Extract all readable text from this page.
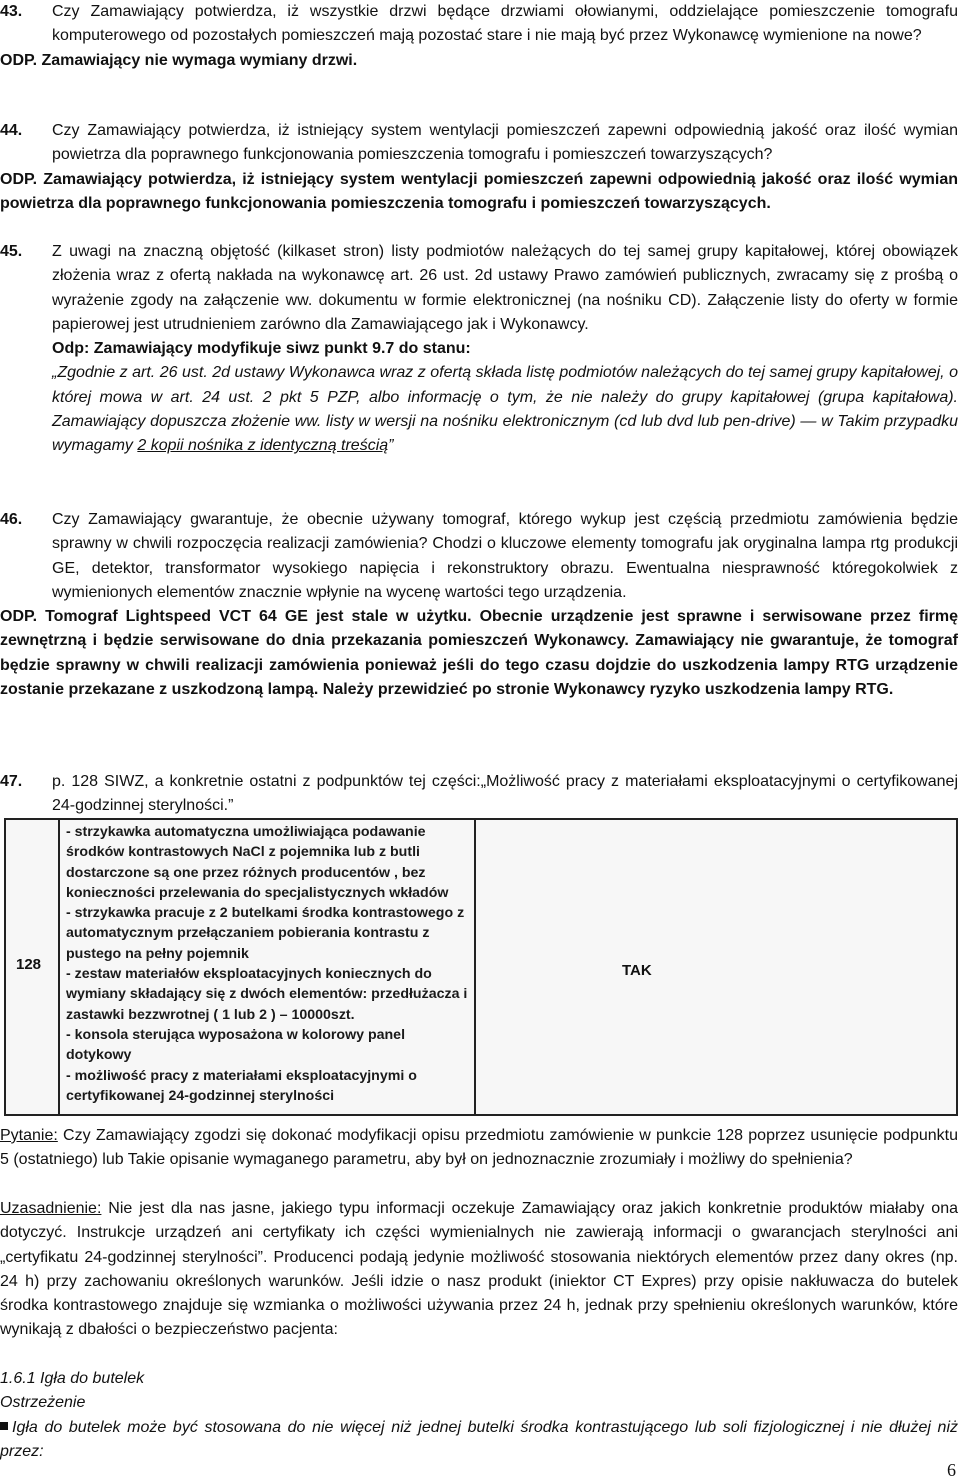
43. Czy Zamawiający potwierdza, iż wszystkie drzwi będące drzwiami ołowianymi, oddzielające pomieszczenie tomografu komputerowego od pozostałych pomieszczeń mają pozostać stare i nie mają być przez Wykonawcę wymienione na nowe?
ODP. Zamawiający nie wymaga wymiany drzwi.
44. Czy Zamawiający potwierdza, iż istniejący system wentylacji pomieszczeń zapewni odpowiednią jakość oraz ilość wymian powietrza dla poprawnego funkcjonowania pomieszczenia tomografu i pomieszczeń towarzyszących?
ODP. Zamawiający potwierdza, iż istniejący system wentylacji pomieszczeń zapewni odpowiednią jakość oraz ilość wymian powietrza dla poprawnego funkcjonowania pomieszczenia tomografu i pomieszczeń towarzyszących.
45. Z uwagi na znaczną objętość (kilkaset stron) listy podmiotów należących do tej samej grupy kapitałowej, której obowiązek złożenia wraz z ofertą nakłada na wykonawcę art. 26 ust. 2d ustawy Prawo zamówień publicznych, zwracamy się z prośbą o wyrażenie zgody na załączenie ww. dokumentu w formie elektronicznej (na nośniku CD). Załączenie listy do oferty w formie papierowej jest utrudnieniem zarówno dla Zamawiającego jak i Wykonawcy.
Odp: Zamawiający modyfikuje siwz punkt 9.7 do stanu:
„Zgodnie z art. 26 ust. 2d ustawy Wykonawca wraz z ofertą składa listę podmiotów należących do tej samej grupy kapitałowej, o której mowa w art. 24 ust. 2 pkt 5 PZP, albo informację o tym, że nie należy do grupy kapitałowej (grupa kapitałowa). Zamawiający dopuszcza złożenie ww. listy w wersji na nośniku elektronicznym (cd lub dvd lub pen-drive) — w Takim przypadku wymagamy 2 kopii nośnika z identyczną treścią”
46. Czy Zamawiający gwarantuje, że obecnie używany tomograf, którego wykup jest częścią przedmiotu zamówienia będzie sprawny w chwili rozpoczęcia realizacji zamówienia? Chodzi o kluczowe elementy tomografu jak oryginalna lampa rtg produkcji GE, detektor, transformator wysokiego napięcia i rekonstruktory obrazu. Ewentualna niesprawność któregokolwiek z wymienionych elementów znacznie wpłynie na wycenę wartości tego urządzenia.
ODP. Tomograf Lightspeed VCT 64 GE jest stale w użytku. Obecnie urządzenie jest sprawne i serwisowane przez firmę zewnętrzną i będzie serwisowane do dnia przekazania pomieszczeń Wykonawcy. Zamawiający nie gwarantuje, że tomograf będzie sprawny w chwili realizacji zamówienia ponieważ jeśli do tego czasu dojdzie do uszkodzenia lampy RTG urządzenie zostanie przekazane z uszkodzoną lampą. Należy przewidzieć po stronie Wykonawcy ryzyko uszkodzenia lampy RTG.
47. p. 128 SIWZ, a konkretnie ostatni z podpunktów tej części:„Możliwość pracy z materiałami eksploatacyjnymi o certyfikowanej 24-godzinnej sterylności.”
128

- strzykawka automatyczna umożliwiająca podawanie środków kontrastowych NaCl z pojemnika lub z butli dostarczone są one przez różnych producentów , bez konieczności przelewania do specjalistycznych wkładów

- strzykawka pracuje z 2 butelkami środka kontrastowego z automatycznym przełączaniem pobierania kontrastu z pustego na pełny pojemnik

- zestaw materiałów eksploatacyjnych koniecznych do wymiany składający się z dwóch elementów: przedłużacza i zastawki bezzwrotnej ( 1 lub 2 ) – 10000szt.

- konsola sterująca wyposażona w kolorowy panel dotykowy

- możliwość pracy z materiałami eksploatacyjnymi o certyfikowanej 24-godzinnej sterylności

TAK
Pytanie: Czy Zamawiający zgodzi się dokonać modyfikacji opisu przedmiotu zamówienie w punkcie 128 poprzez usunięcie podpunktu 5 (ostatniego) lub Takie opisanie wymaganego parametru, aby był on jednoznacznie zrozumiały i możliwy do spełnienia?
Uzasadnienie: Nie jest dla nas jasne, jakiego typu informacji oczekuje Zamawiający oraz jakich konkretnie produktów miałaby ona dotyczyć. Instrukcje urządzeń ani certyfikaty ich części wymienialnych nie zawierają informacji o gwarancjach sterylności ani „certyfikatu 24-godzinnej sterylności”. Producenci podają jedynie możliwość stosowania niektórych elementów przez dany okres (np. 24 h) przy zachowaniu określonych warunków. Jeśli idzie o nasz produkt (iniektor CT Expres) przy opisie nakłuwacza do butelek środka kontrastowego znajduje się wzmianka o możliwości używania przez 24 h, jednak przy spełnieniu określonych warunków, które wynikają z dbałości o bezpieczeństwo pacjenta:
1.6.1 Igła do butelek
Ostrzeżenie
Igła do butelek może być stosowana do nie więcej niż jednej butelki środka kontrastującego lub soli fizjologicznej i nie dłużej niż przez:
6
